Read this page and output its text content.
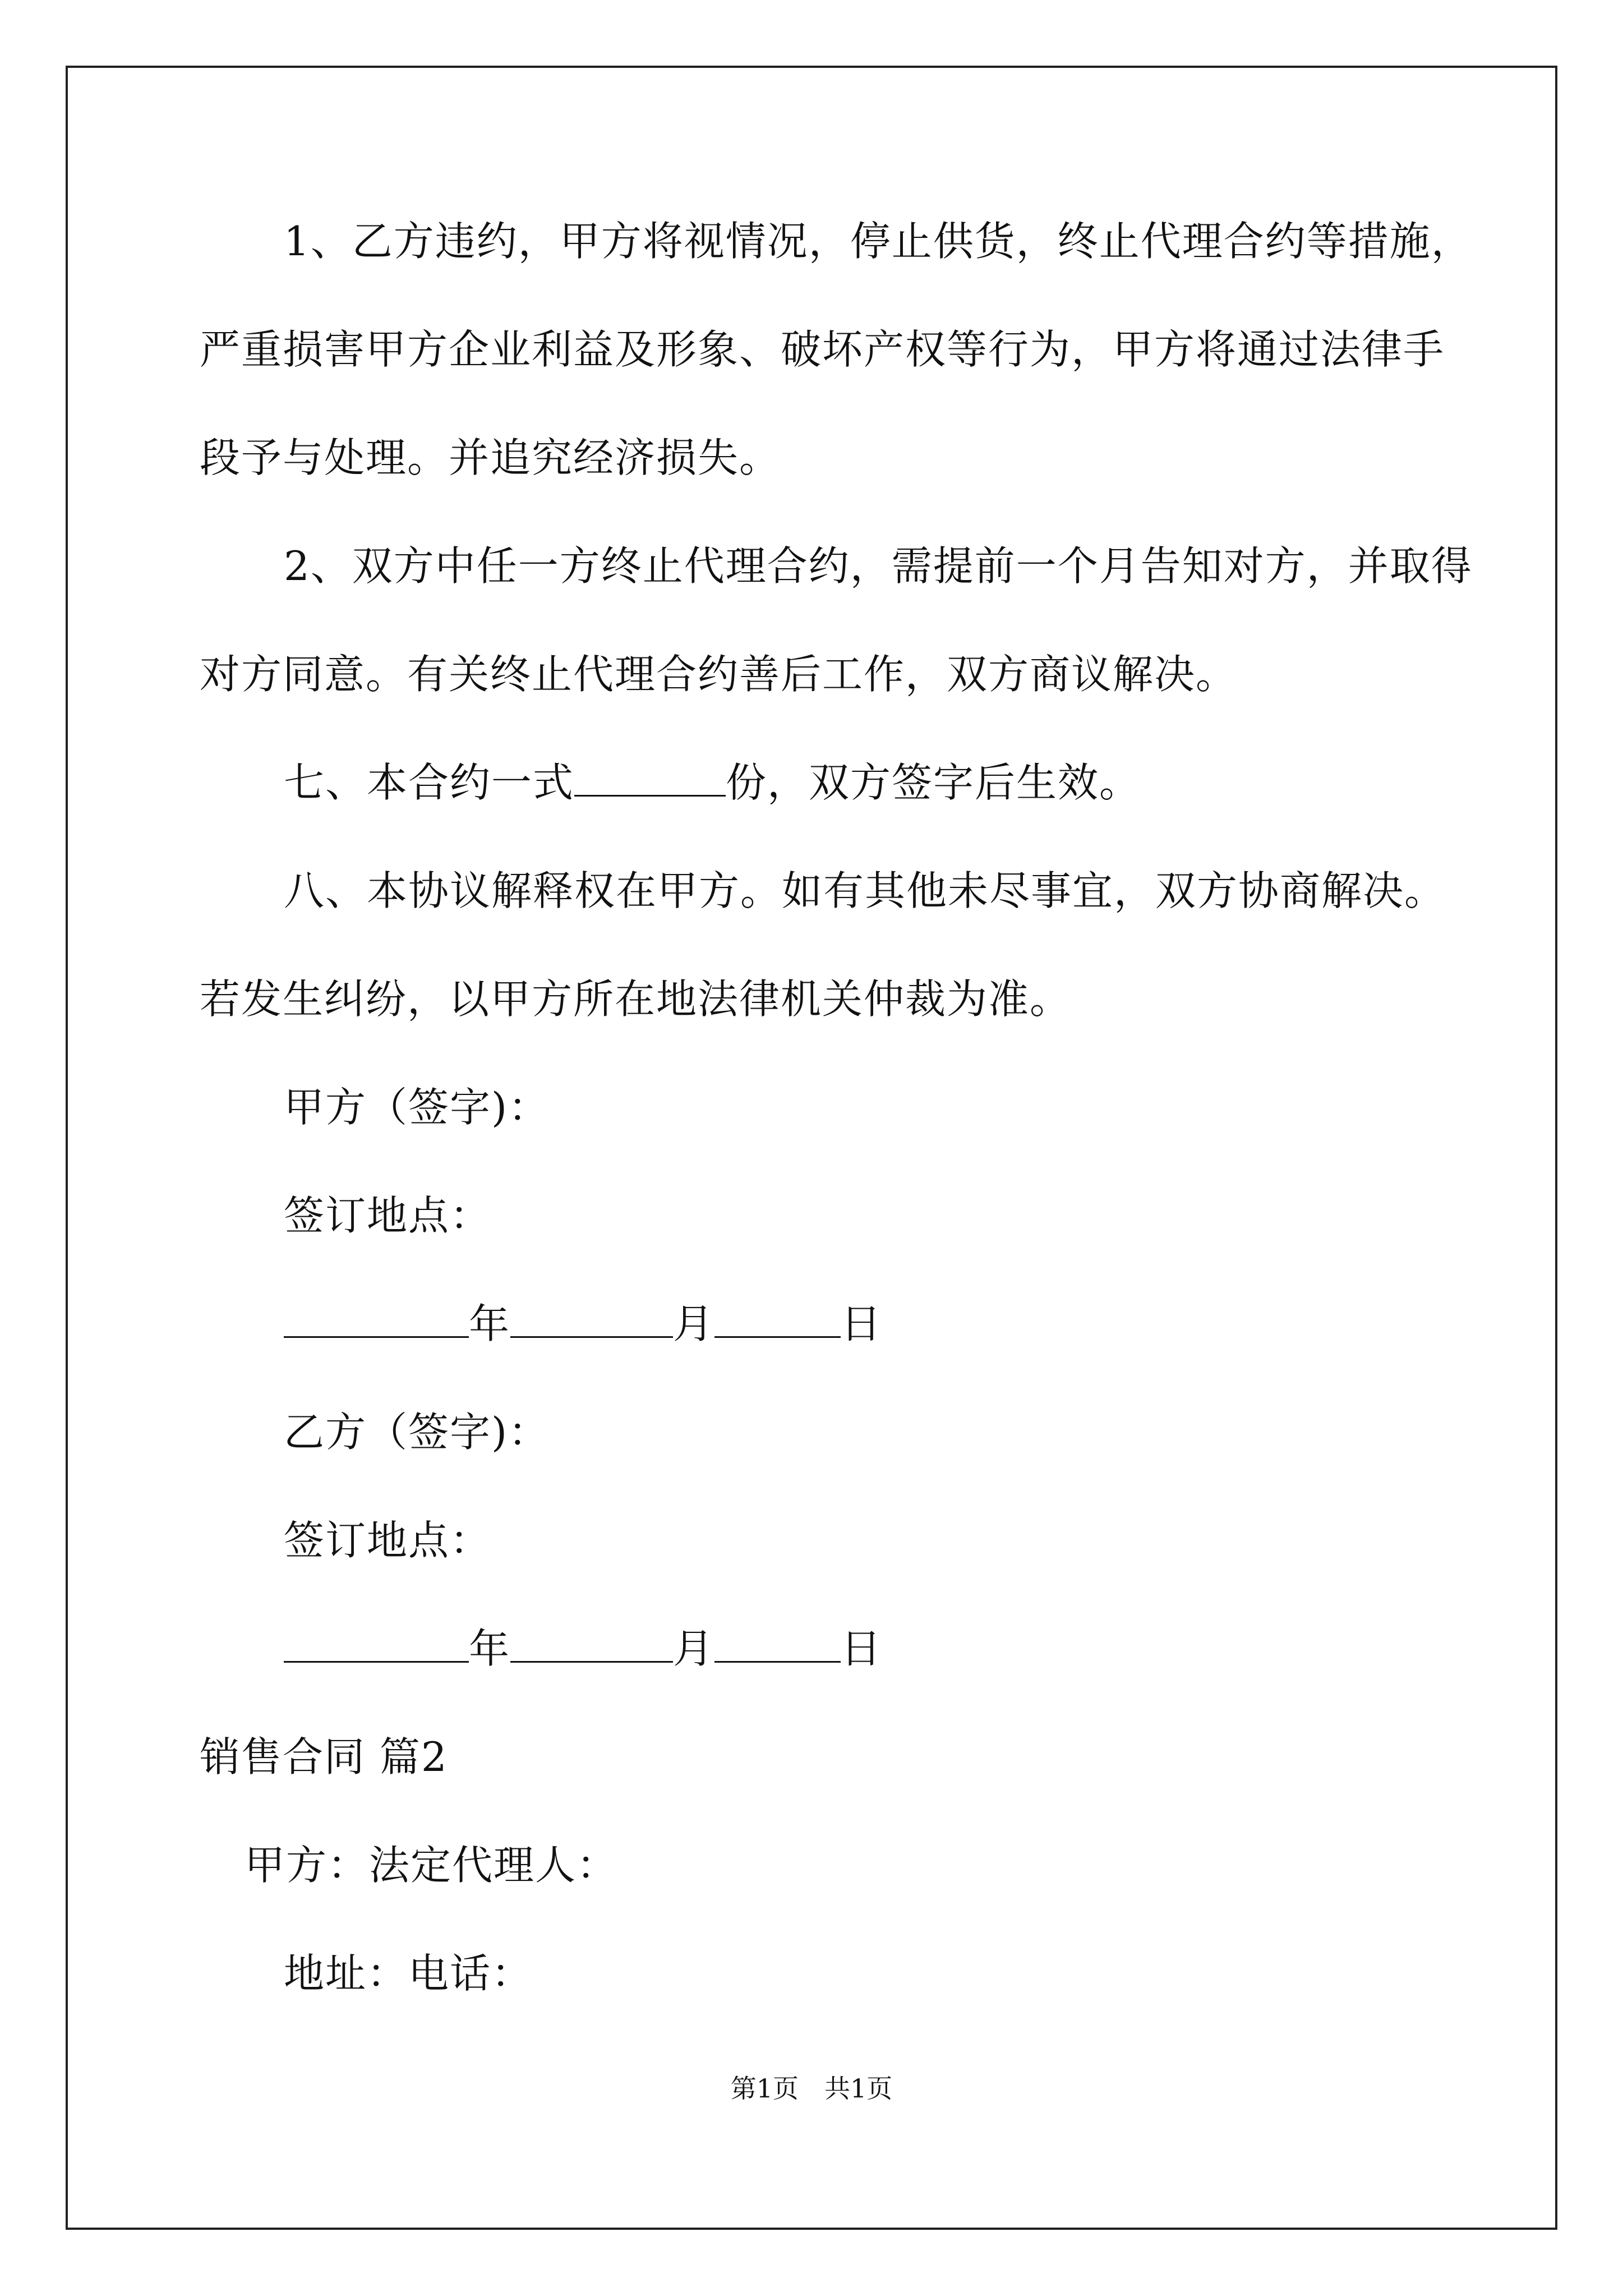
1、乙方违约，甲方将视情况，停止供货，终止代理合约等措施，
严重损害甲方企业利益及形象、破坏产权等行为，甲方将通过法律手
段予与处理。并追究经济损失。
2、双方中任一方终止代理合约，需提前一个月告知对方，并取得
对方同意。有关终止代理合约善后工作，双方商议解决。
七、本合约一式	份，双方签字后生效。
八、本协议解释权在甲方。如有其他未尽事宜，双方协商解决。
若发生纠纷，以甲方所在地法律机关仲裁为准。
甲方（签字)：
签订地点：
年	月	日
乙方（签字)：
签订地点：
年	月	日
销售合同 篇2
甲方：法定代理人：
地址：电话：
第1页　共1页
